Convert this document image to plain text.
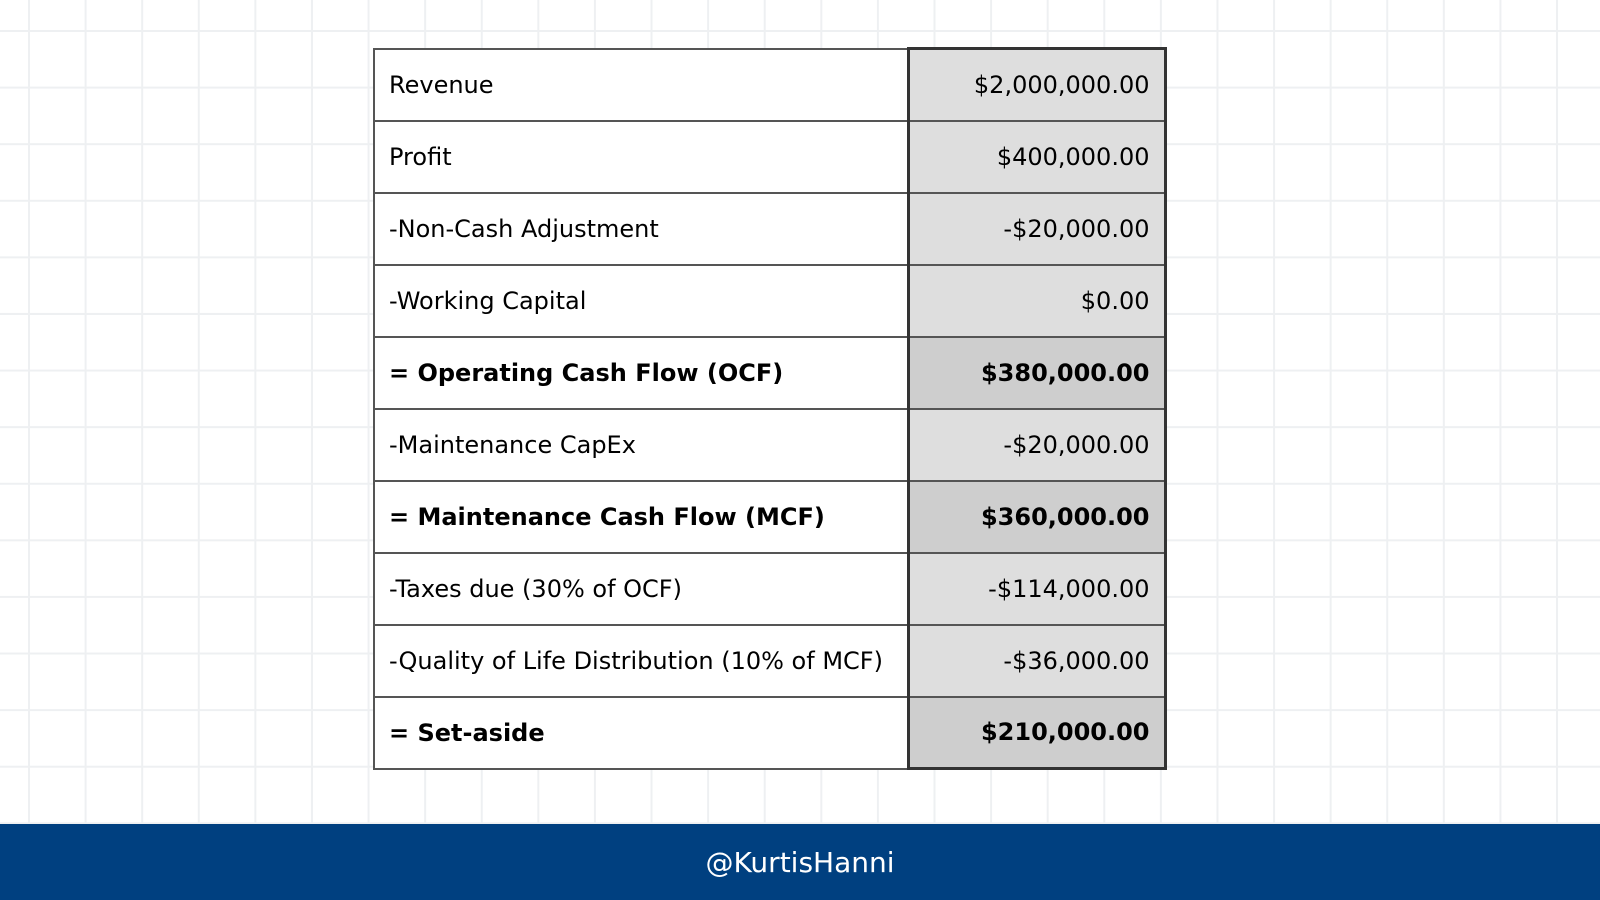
Revenue	$2,000,000.00
Profit	$400,000.00
-Non-Cash Adjustment	-$20,000.00
-Working Capital	$0.00
= Operating Cash Flow (OCF)	$380,000.00
-Maintenance CapEx	-$20,000.00
= Maintenance Cash Flow (MCF)	$360,000.00
-Taxes due (30% of OCF)	-$114,000.00
-Quality of Life Distribution (10% of MCF)	-$36,000.00
= Set-aside	$210,000.00
@KurtisHanni
